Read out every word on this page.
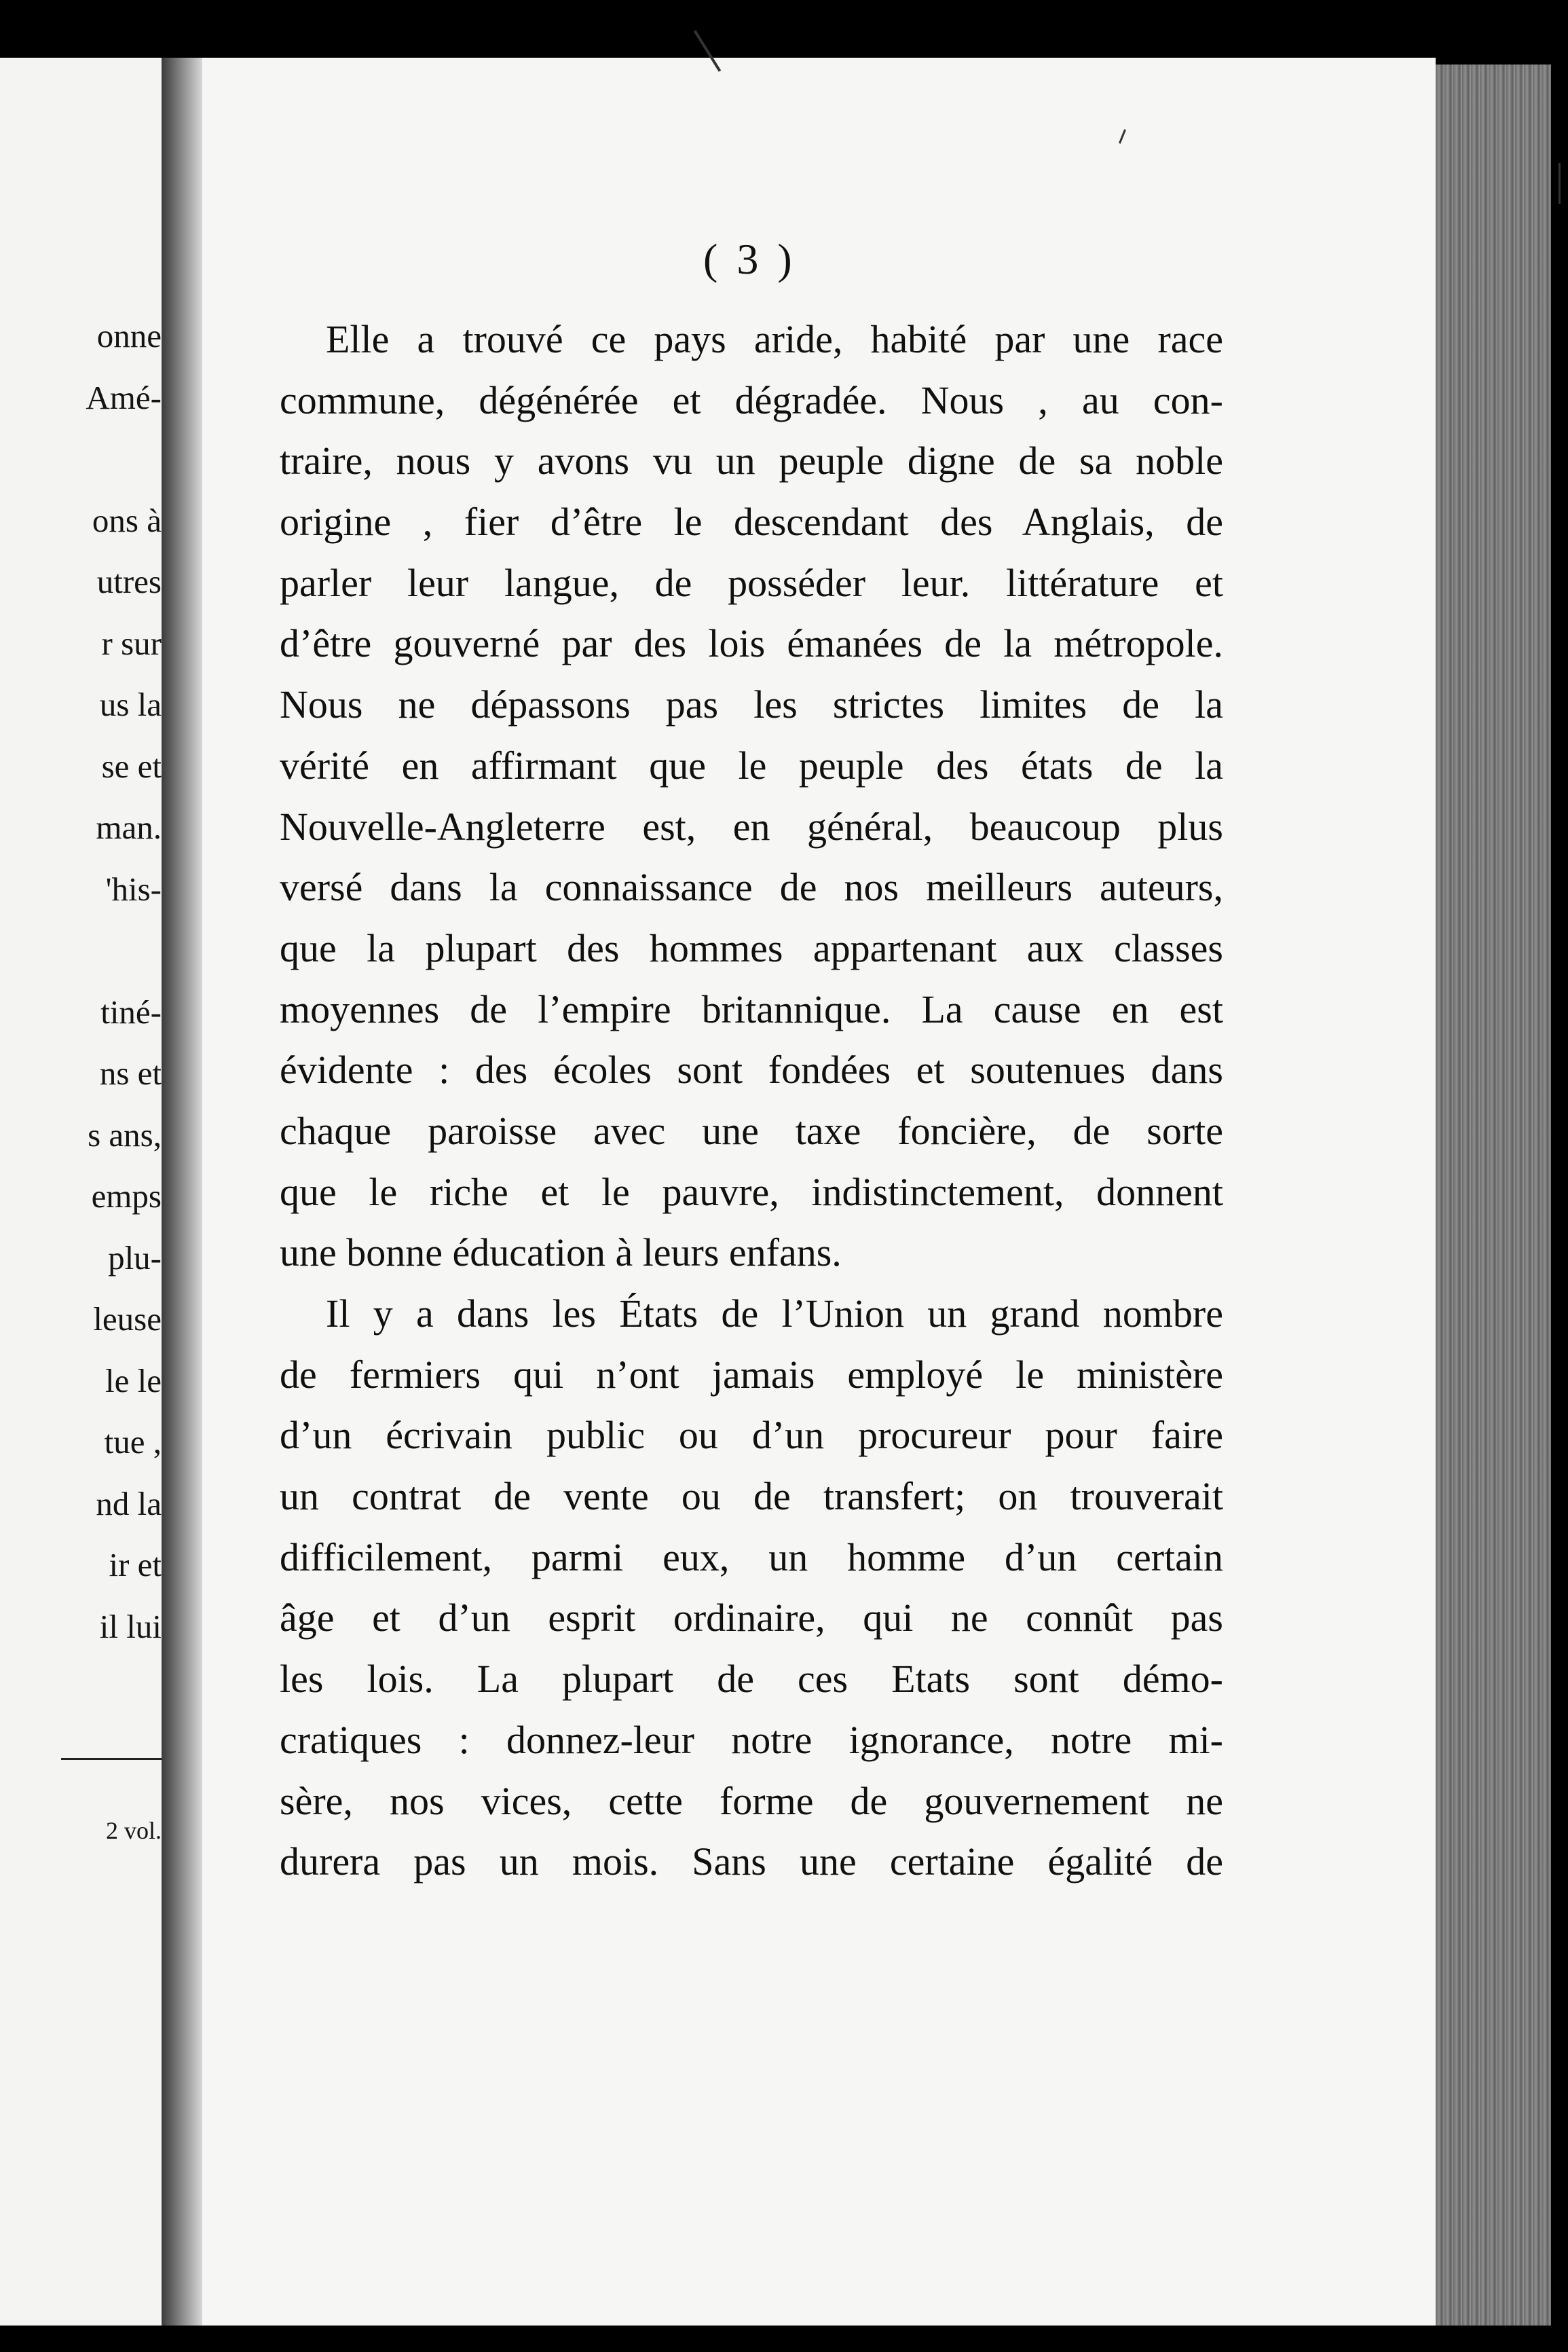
onne
Amé-
ons à
utres
r sur
us la
se et
man.
'his-
tiné-
ns et
s ans,
emps
plu-
leuse
le le
tue ,
nd la
ir et
il lui
2 vol.
( 3 )
Elle a trouvé ce pays aride, habité par une race
commune, dégénérée et dégradée. Nous , au con-
traire, nous y avons vu un peuple digne de sa noble
origine , fier d’être le descendant des Anglais, de
parler leur langue, de posséder leur. littérature et
d’être gouverné par des lois émanées de la métropole.
Nous ne dépassons pas les strictes limites de la
vérité en affirmant que le peuple des états de la
Nouvelle-Angleterre est, en général, beaucoup plus
versé dans la connaissance de nos meilleurs auteurs,
que la plupart des hommes appartenant aux classes
moyennes de l’empire britannique. La cause en est
évidente : des écoles sont fondées et soutenues dans
chaque paroisse avec une taxe foncière, de sorte
que le riche et le pauvre, indistinctement, donnent
une bonne éducation à leurs enfans.
Il y a dans les États de l’Union un grand nombre
de fermiers qui n’ont jamais employé le ministère
d’un écrivain public ou d’un procureur pour faire
un contrat de vente ou de transfert; on trouverait
difficilement, parmi eux, un homme d’un certain
âge et d’un esprit ordinaire, qui ne connût pas
les lois. La plupart de ces Etats sont démo-
cratiques : donnez-leur notre ignorance, notre mi-
sère, nos vices, cette forme de gouvernement ne
durera pas un mois. Sans une certaine égalité de
